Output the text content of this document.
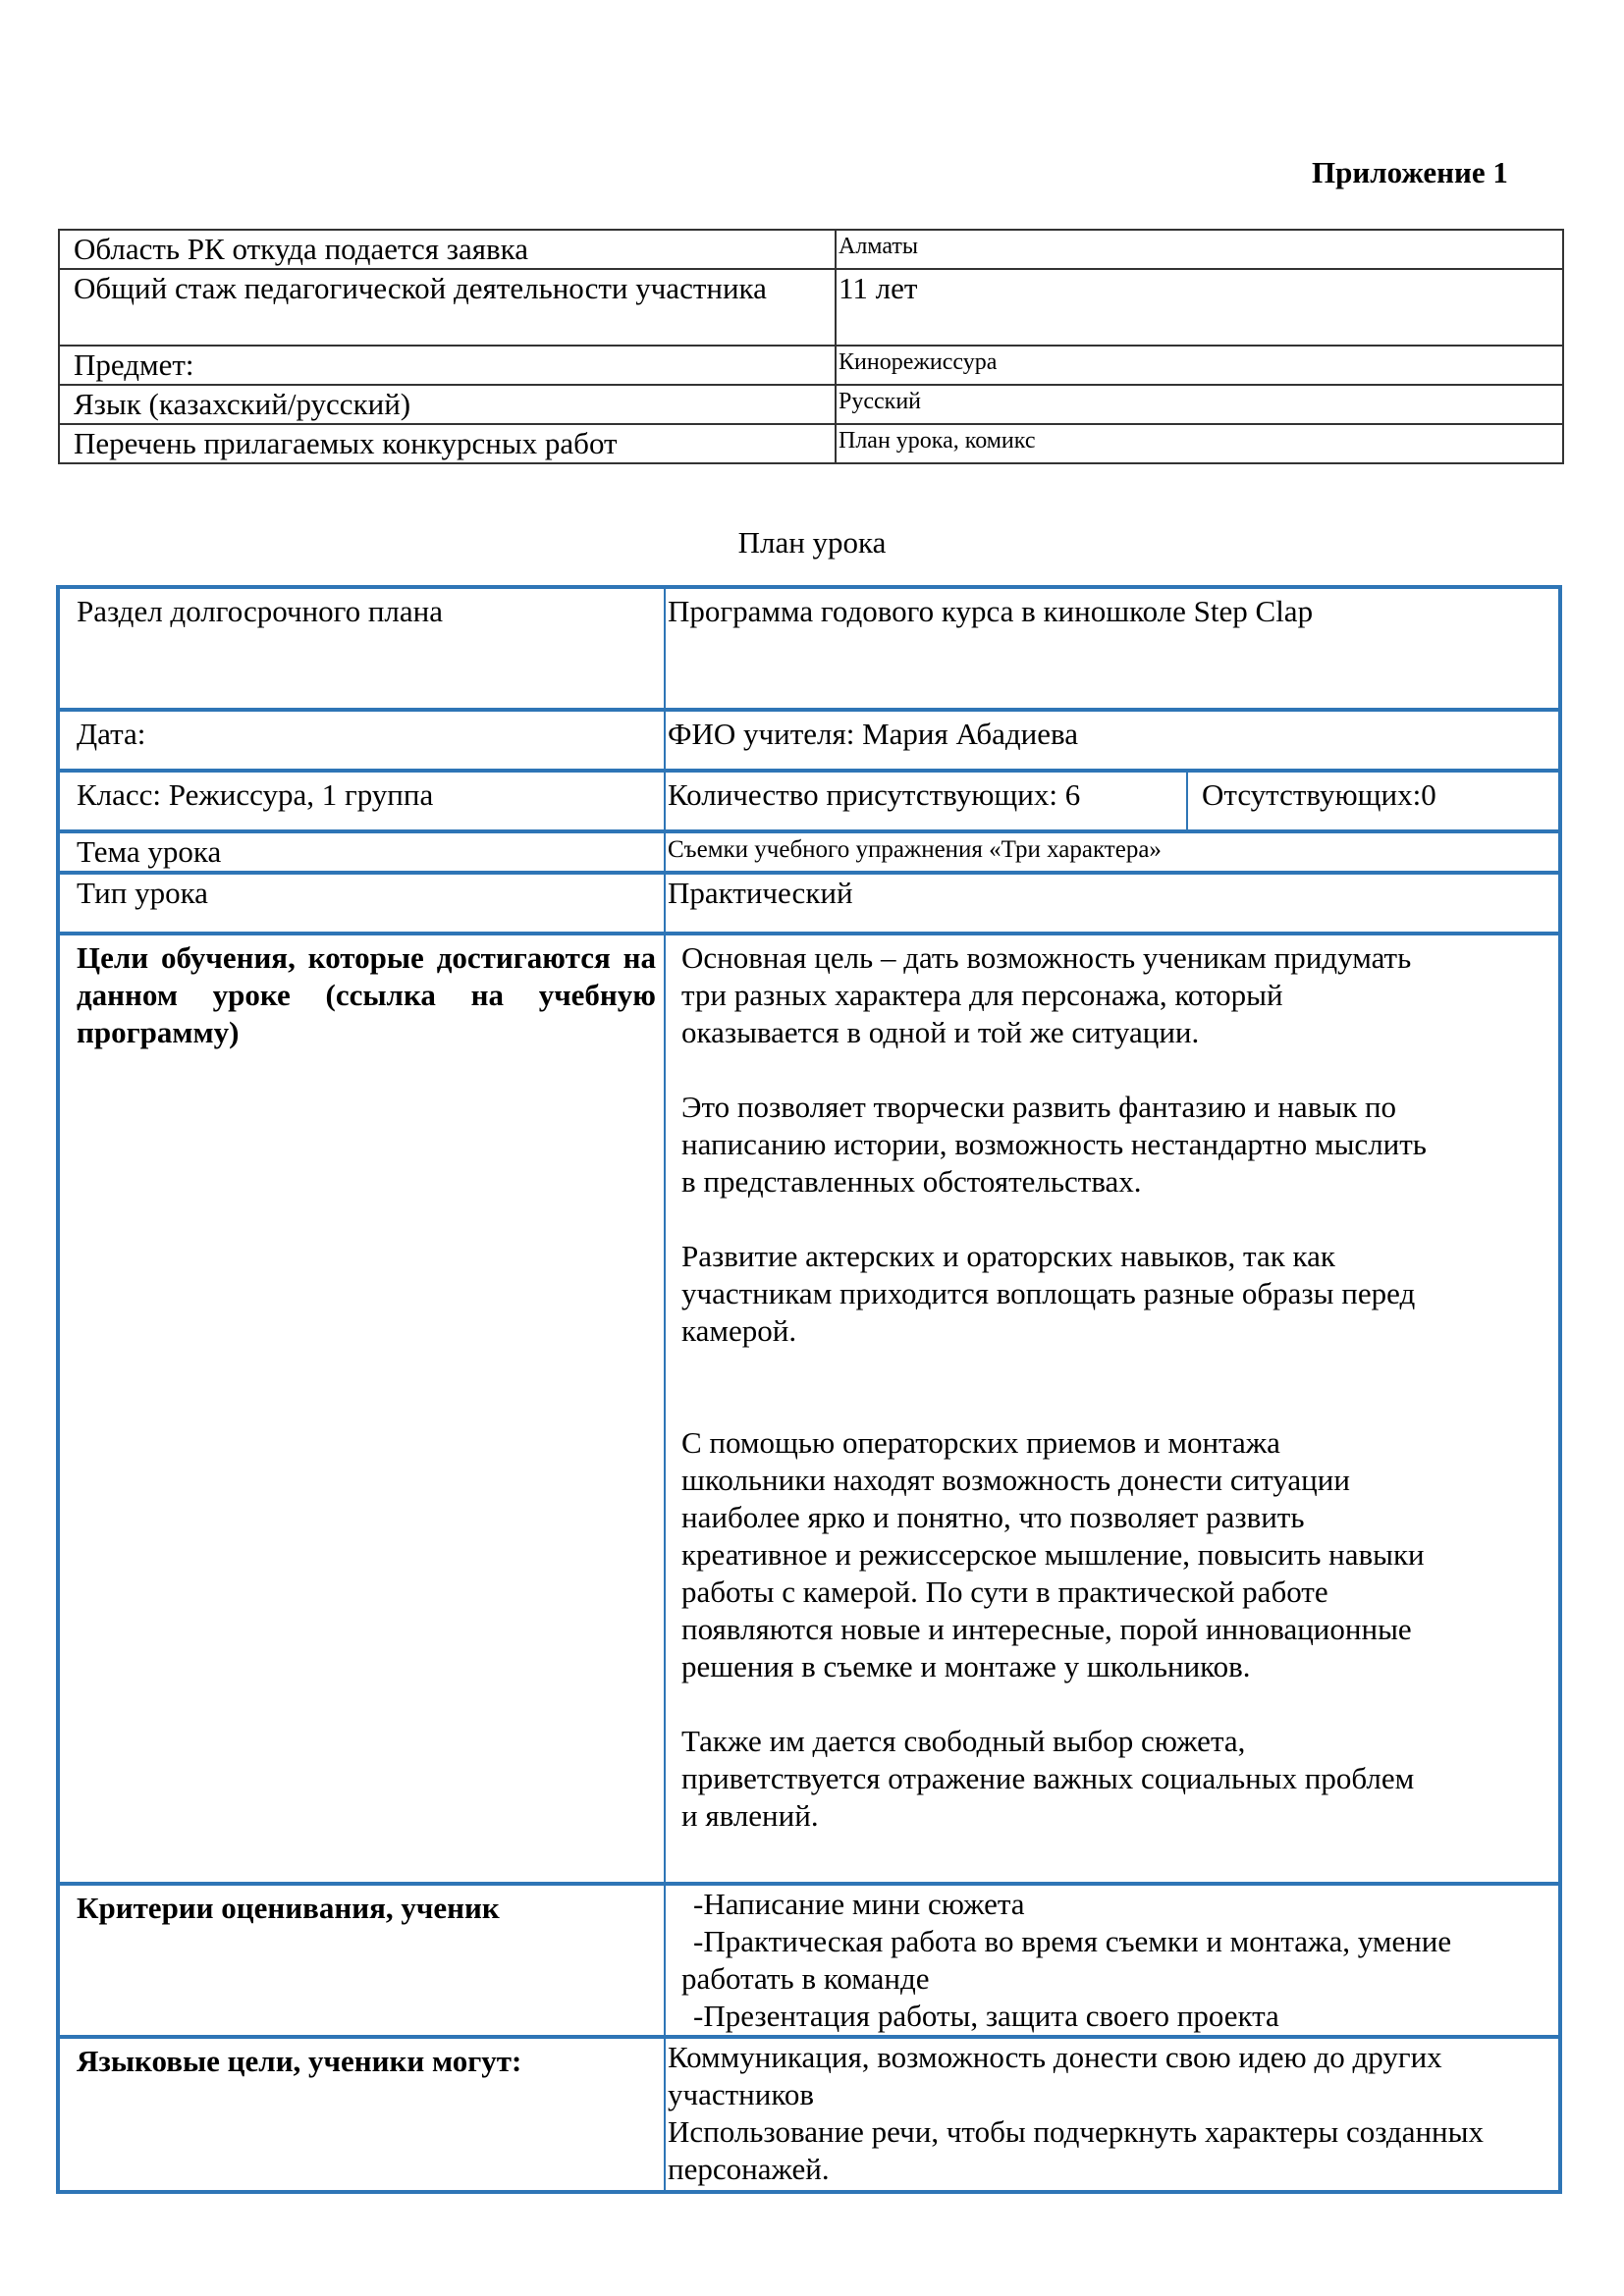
Приложение 1
Область РК откуда подается заявка	Алматы
Общий стаж педагогической деятельности участника	11 лет
Предмет:	Кинорежиссура
Язык (казахский/русский)	Русский
Перечень прилагаемых конкурсных работ	План урока, комикс
План урока
Раздел долгосрочного плана	Программа годового курса в киношколе Step Clap	
Дата:	ФИО учителя: Мария Абадиева	
Класс: Режиссура, 1 группа	Количество присутствующих: 6	Отсутствующих:0
Тема урока	Съемки учебного упражнения «Три характера»	
Тип урока	Практический	
Цели обучения, которые достигаются на данном уроке (ссылка на учебную программу)	Основная цель – дать возможность ученикам придумать три разных характера для персонажа, который оказывается в одной и той же ситуации.

Это позволяет творчески развить фантазию и навык по написанию истории, возможность нестандартно мыслить в представленных обстоятельствах.

Развитие актерских и ораторских навыков, так как участникам приходится воплощать разные образы перед камерой.

С помощью операторских приемов и монтажа школьники находят возможность донести ситуации наиболее ярко и понятно, что позволяет развить креативное и режиссерское мышление, повысить навыки работы с камерой. По сути в практической работе появляются новые и интересные, порой инновационные решения в съемке и монтаже у школьников.

Также им дается свободный выбор сюжета, приветствуется отражение важных социальных проблем и явлений.	

Критерии оценивания, ученик	-Написание мини сюжета
-Практическая работа во время съемки и монтажа, умение работать в команде
-Презентация работы, защита своего проекта	

Языковые цели, ученики могут:	Коммуникация, возможность донести свою идею до других участников
Использование речи, чтобы подчеркнуть характеры созданных персонажей.	
